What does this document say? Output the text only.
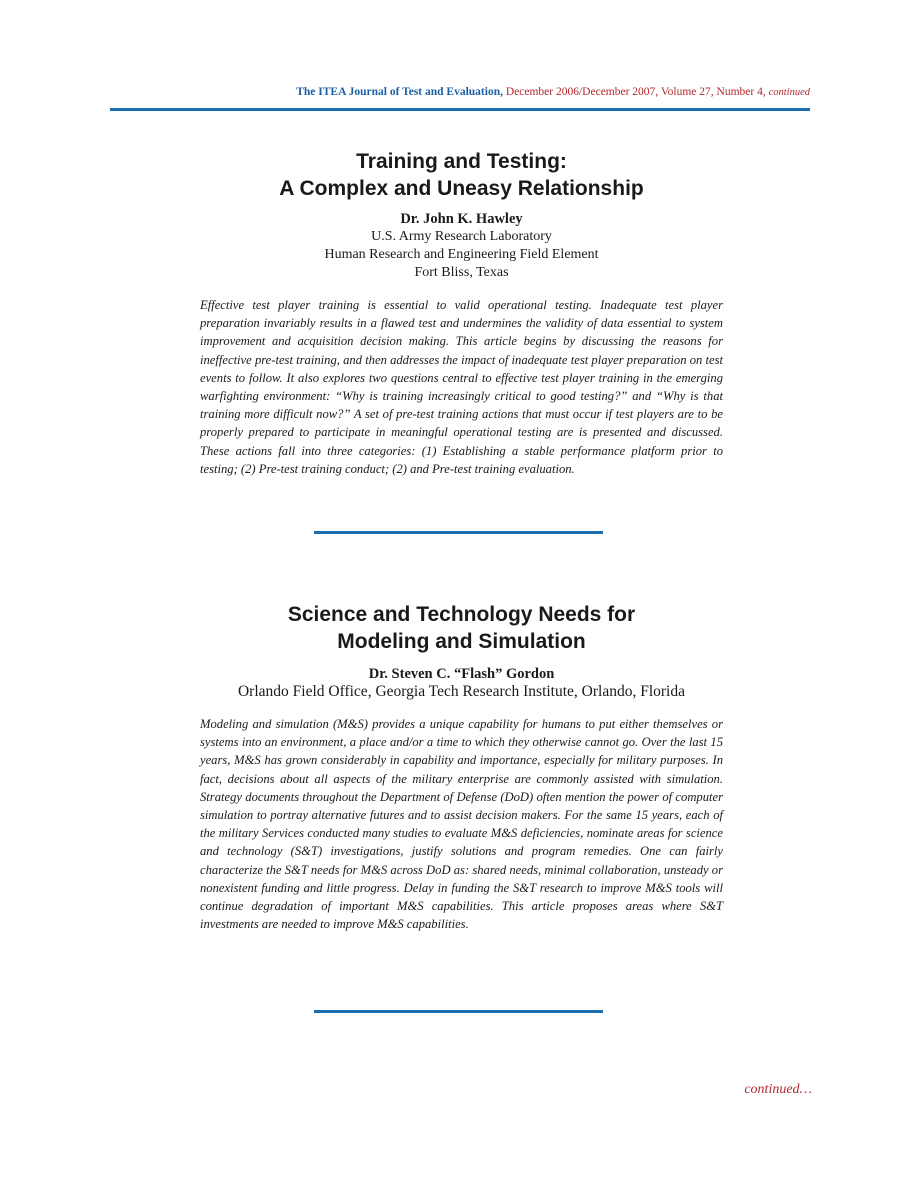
The ITEA Journal of Test and Evaluation, December 2006/December 2007, Volume 27, Number 4, continued
Training and Testing:
A Complex and Uneasy Relationship

Dr. John K. Hawley

U.S. Army Research Laboratory

Human Research and Engineering Field Element

Fort Bliss, Texas

Effective test player training is essential to valid operational testing. Inadequate test player preparation invariably results in a flawed test and undermines the validity of data essential to system improvement and acquisition decision making. This article begins by discussing the reasons for ineffective pre-test training, and then addresses the impact of inadequate test player preparation on test events to follow. It also explores two questions central to effective test player training in the emerging warfighting environment: “Why is training increasingly critical to good testing?” and “Why is that training more difficult now?” A set of pre-test training actions that must occur if test players are to be properly prepared to participate in meaningful operational testing are is presented and discussed. These actions fall into three categories: (1) Establishing a stable performance platform prior to testing; (2) Pre-test training conduct; (2) and Pre-test training evaluation.

Science and Technology Needs for
Modeling and Simulation

Dr. Steven C. “Flash” Gordon

Orlando Field Office, Georgia Tech Research Institute, Orlando, Florida

Modeling and simulation (M&S) provides a unique capability for humans to put either themselves or systems into an environment, a place and/or a time to which they otherwise cannot go. Over the last 15 years, M&S has grown considerably in capability and importance, especially for military purposes. In fact, decisions about all aspects of the military enterprise are commonly assisted with simulation. Strategy documents throughout the Department of Defense (DoD) often mention the power of computer simulation to portray alternative futures and to assist decision makers. For the same 15 years, each of the military Services conducted many studies to evaluate M&S deficiencies, nominate areas for science and technology (S&T) investigations, justify solutions and program remedies. One can fairly characterize the S&T needs for M&S across DoD as: shared needs, minimal collaboration, unsteady or nonexistent funding and little progress. Delay in funding the S&T research to improve M&S tools will continue degradation of important M&S capabilities. This article proposes areas where S&T investments are needed to improve M&S capabilities.

continued…
